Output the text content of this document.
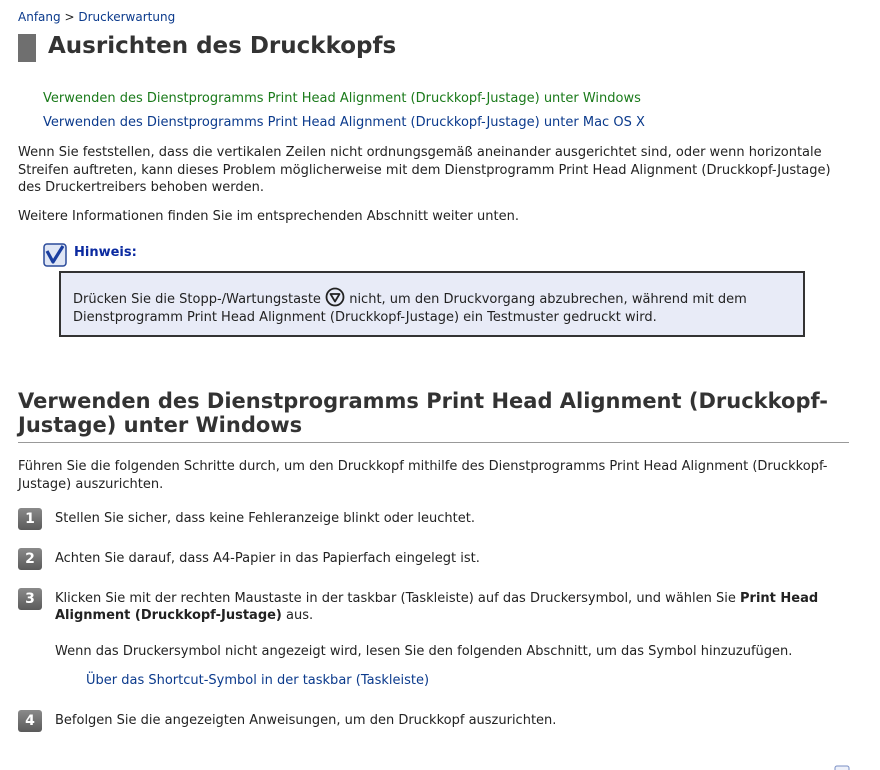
Anfang > Druckerwartung
Ausrichten des Druckkopfs
Verwenden des Dienstprogramms Print Head Alignment (Druckkopf-Justage) unter Windows
Verwenden des Dienstprogramms Print Head Alignment (Druckkopf-Justage) unter Mac OS X

Wenn Sie feststellen, dass die vertikalen Zeilen nicht ordnungsgemäß aneinander ausgerichtet sind, oder wenn horizontale Streifen auftreten, kann dieses Problem möglicherweise mit dem Dienstprogramm Print Head Alignment (Druckkopf-Justage) des Druckertreibers behoben werden.

Weitere Informationen finden Sie im entsprechenden Abschnitt weiter unten.

Hinweis:
Drücken Sie die Stopp-/Wartungstaste nicht, um den Druckvorgang abzubrechen, während mit dem Dienstprogramm Print Head Alignment (Druckkopf-Justage) ein Testmuster gedruckt wird.
Verwenden des Dienstprogramms Print Head Alignment (Druckkopf-Justage) unter Windows

Führen Sie die folgenden Schritte durch, um den Druckkopf mithilfe des Dienstprogramms Print Head Alignment (Druckkopf-Justage) auszurichten.

1	Stellen Sie sicher, dass keine Fehleranzeige blinkt oder leuchtet.

2	Achten Sie darauf, dass A4-Papier in das Papierfach eingelegt ist.

3	Klicken Sie mit der rechten Maustaste in der taskbar (Taskleiste) auf das Druckersymbol, und wählen Sie Print Head Alignment (Druckkopf-Justage) aus.

Wenn das Druckersymbol nicht angezeigt wird, lesen Sie den folgenden Abschnitt, um das Symbol hinzuzufügen.

Über das Shortcut-Symbol in der taskbar (Taskleiste)
4	Befolgen Sie die angezeigten Anweisungen, um den Druckkopf auszurichten.
